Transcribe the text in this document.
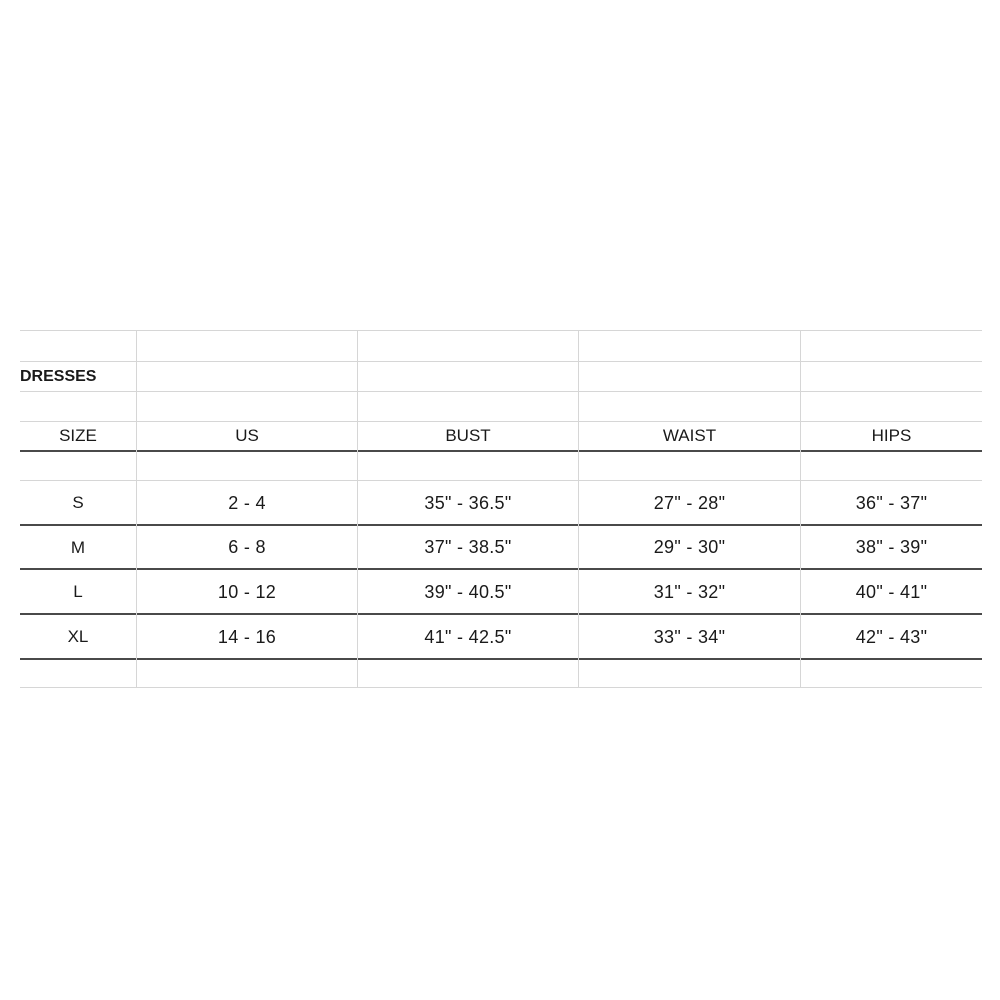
SIZE	US	BUST	WAIST	HIPS
S	2 - 4	35" - 36.5"	27" - 28"	36" - 37"
M	6 - 8	37" - 38.5"	29" - 30"	38" - 39"
L	10 - 12	39" - 40.5"	31" - 32"	40" - 41"
XL	14 - 16	41" - 42.5"	33" - 34"	42" - 43"
DRESSES
